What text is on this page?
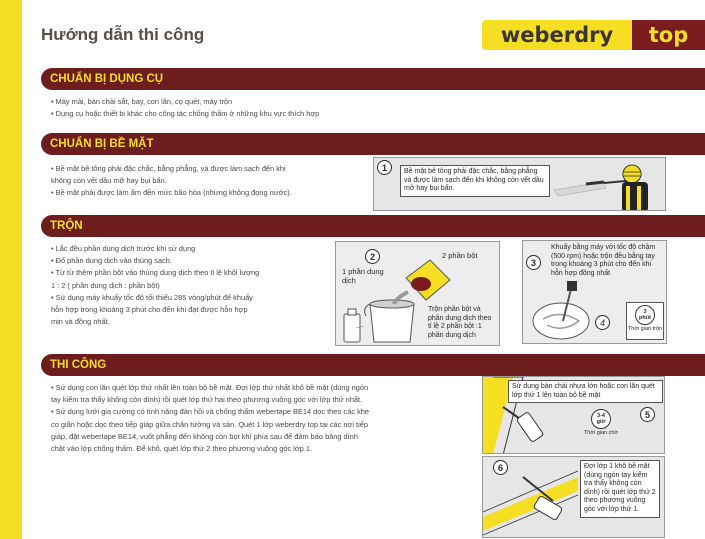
Hướng dẫn thi công	weberdry	top
CHUẨN BỊ DỤNG CỤ

• Máy mài, bàn chải sắt, bay, con lăn, cọ quét, máy trộn

• Dụng cụ hoặc thiết bị khác cho công tác chống thấm ở những khu vực thích hợp

CHUẨN BỊ BỀ MẶT

• Bề mặt bê tông phải đặc chắc, bằng phẳng, và được làm sạch đến khi

không còn vết dầu mỡ hay bụi bẩn.

• Bề mặt phải được làm ẩm đến mức bão hòa (nhưng không đọng nước).

1	Bề mặt bê tông phải đặc chắc, bằng phẳng và được làm sạch đến khi không còn vết dầu mỡ hay bụi bẩn.
TRỘN

• Lắc đều phần dung dịch trước khi sử dụng

• Đổ phần dung dịch vào thùng sạch.

• Từ từ thêm phần bột vào thùng dung dịch theo tỉ lệ khối lượng

1 : 2 ( phần dung dịch : phần bột)

• Sử dụng máy khuấy tốc độ tối thiểu 285 vòng/phút để khuấy

hỗn hợp trong khoảng 3 phút cho đến khi đạt được hỗn hợp

mịn và đồng nhất.

2
1 phần dung dịch
2 phần bột
Trộn phần bột và phần dung dịch theo tỉ lệ 2 phần bột :1 phần dung dịch
3
Khuấy bằng máy với tốc độ chậm (500 rpm) hoặc trộn đều bằng tay trong khoảng 3 phút cho đến khi hỗn hợp đồng nhất
4
3
phút
Thời gian trộn
THI CÔNG

• Sử dụng con lăn quét lớp thứ nhất lên toàn bộ bề mặt. Đợi lớp thứ nhất khô bề mặt (dùng ngón

tay kiểm tra thấy không còn dính) rồi quét lớp thứ hai theo phương vuông góc với lớp thứ nhất.

• Sử dụng lưới gia cường có tính năng đàn hồi và chống thấm webertape BE14 dọc theo các khe

co giãn hoặc dọc theo tiếp giáp giữa chân tường và sàn. Quét 1 lớp weberdry top tại các nơi tiếp

giáp, đặt webertape BE14, vuốt phẳng đến không còn bọt khí phía sau để đảm bảo băng dính

chặt vào lớp chống thấm. Để khô, quét lớp thứ 2 theo phương vuông góc lớp 1.

5
Sử dụng bàn chải nhựa lớn hoặc con lăn quét lớp thứ 1 lên toàn bộ bề mặt
3-4
giờ
Thời gian chờ
6	Đợi lớp 1 khô bề mặt (dùng ngón tay kiểm tra thấy không còn dính) rồi quét lớp thứ 2 theo phương vuông góc với lớp thứ 1.
